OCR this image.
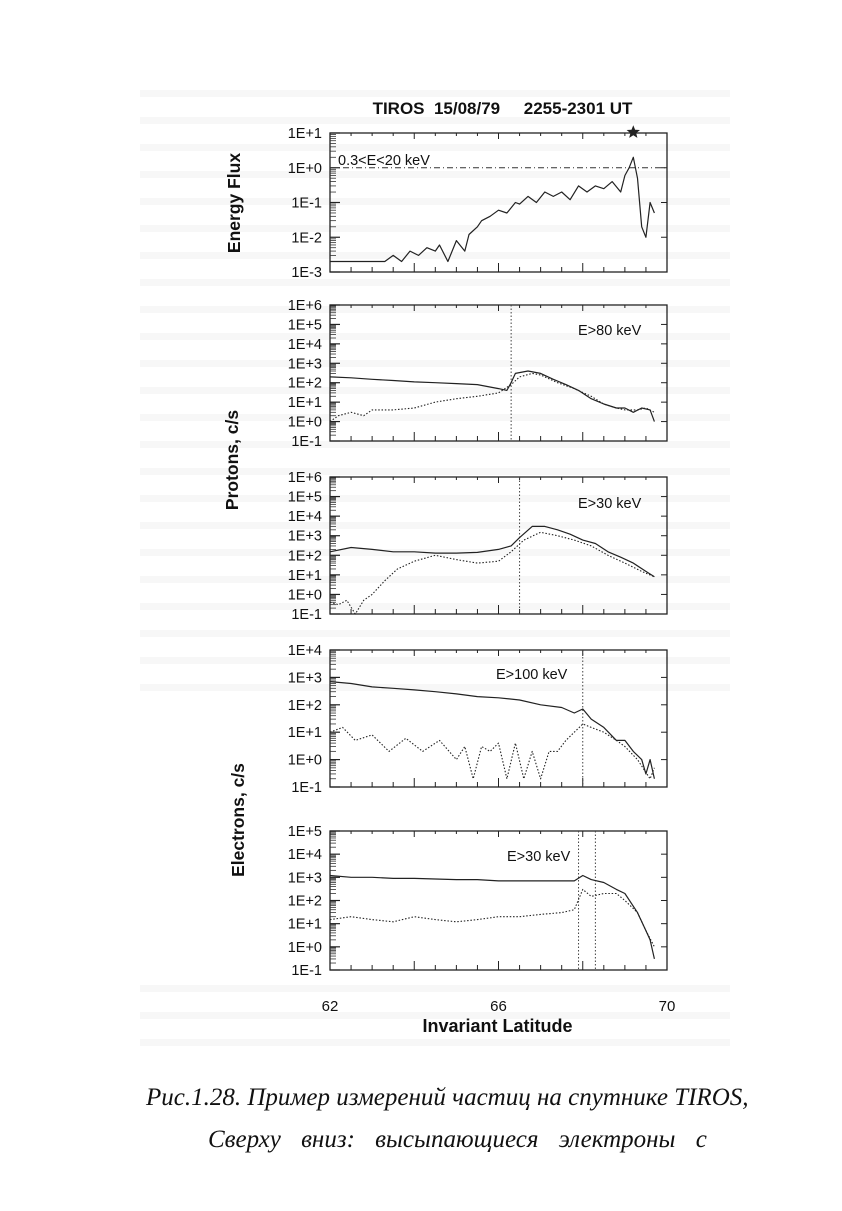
TIROS  15/08/79     2255-2301 UT
Invariant Latitude
62	66	70
1E-3
1E-2
1E-1
1E+0
1E+1
0.3<E<20 keV
Energy Flux
1E-1
1E+0
1E+1
1E+2
1E+3
1E+4
1E+5
1E+6
E>80 keV
Protons, c/s
1E-1
1E+0
1E+1
1E+2
1E+3
1E+4
1E+5
1E+6
E>30 keV
1E-1
1E+0
1E+1
1E+2
1E+3
1E+4
E>100 keV
1E-1
1E+0
1E+1
1E+2
1E+3
1E+4
1E+5
E>30 keV
Electrons, c/s
Рис.1.28. Пример измерений частиц на спутнике TIROS,
Сверху вниз: высыпающиеся электроны с
